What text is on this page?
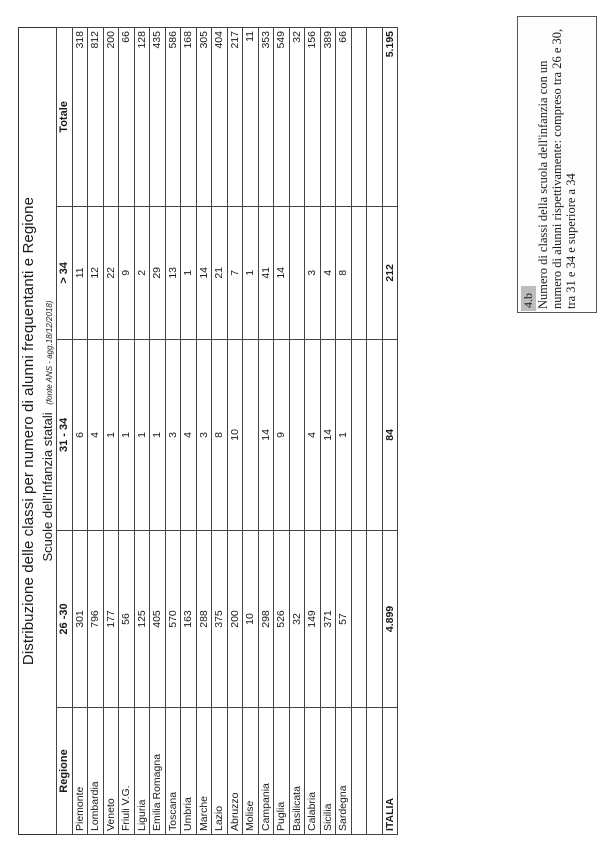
Distribuzione delle classi per numero di alunni frequentanti e Regione Scuole dell'Infanzia statali (fonte ANS - agg.18/12/2018)
Regione	26 -30	31 - 34	> 34	Totale
Piemonte	301	6	11	318
Lombardia	796	4	12	812
Veneto	177	1	22	200
Friuli V.G.	56	1	9	66
Liguria	125	1	2	128
Emilia Romagna	405	1	29	435
Toscana	570	3	13	586
Umbria	163	4	1	168
Marche	288	3	14	305
Lazio	375	8	21	404
Abruzzo	200	10	7	217
Molise	10		1	11
Campania	298	14	41	353
Puglia	526	9	14	549
Basilicata	32			32
Calabria	149	4	3	156
Sicilia	371	14	4	389
Sardegna	57	1	8	66

ITALIA	4.899	84	212	5.195
4.b Numero di classi della scuola dell'infanzia con un numero di alunni rispettivamente: compreso tra 26 e 30, tra 31 e 34 e superiore a 34
